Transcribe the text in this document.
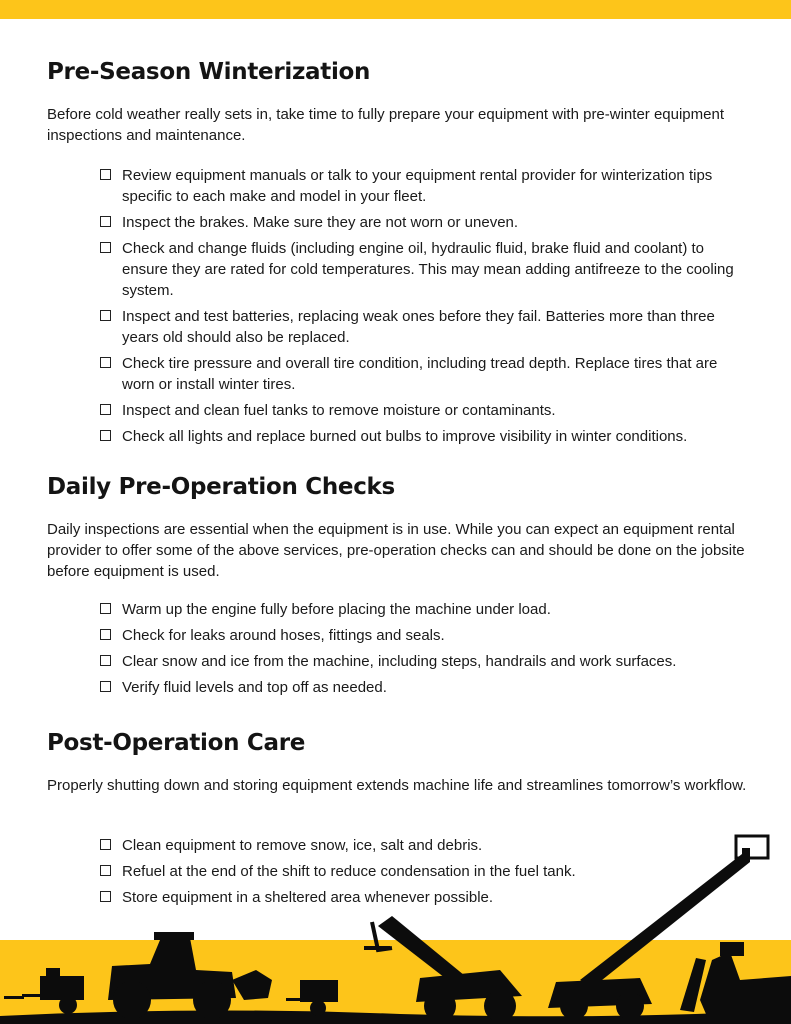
Pre-Season Winterization

Before cold weather really sets in, take time to fully prepare your equipment with pre-winter equipment inspections and maintenance.

Review equipment manuals or talk to your equipment rental provider for winterization tips specific to each make and model in your fleet.
Inspect the brakes. Make sure they are not worn or uneven.
Check and change fluids (including engine oil, hydraulic fluid, brake fluid and coolant) to ensure they are rated for cold temperatures. This may mean adding antifreeze to the cooling system.
Inspect and test batteries, replacing weak ones before they fail. Batteries more than three years old should also be replaced.
Check tire pressure and overall tire condition, including tread depth. Replace tires that are worn or install winter tires.
Inspect and clean fuel tanks to remove moisture or contaminants.
Check all lights and replace burned out bulbs to improve visibility in winter conditions.
Daily Pre-Operation Checks

Daily inspections are essential when the equipment is in use. While you can expect an equipment rental provider to offer some of the above services, pre-operation checks can and should be done on the jobsite before equipment is used.

Warm up the engine fully before placing the machine under load.
Check for leaks around hoses, fittings and seals.
Clear snow and ice from the machine, including steps, handrails and work surfaces.
Verify fluid levels and top off as needed.
Post-Operation Care

Properly shutting down and storing equipment extends machine life and streamlines tomorrow’s workflow.

Clean equipment to remove snow, ice, salt and debris.
Refuel at the end of the shift to reduce condensation in the fuel tank.
Store equipment in a sheltered area whenever possible.
